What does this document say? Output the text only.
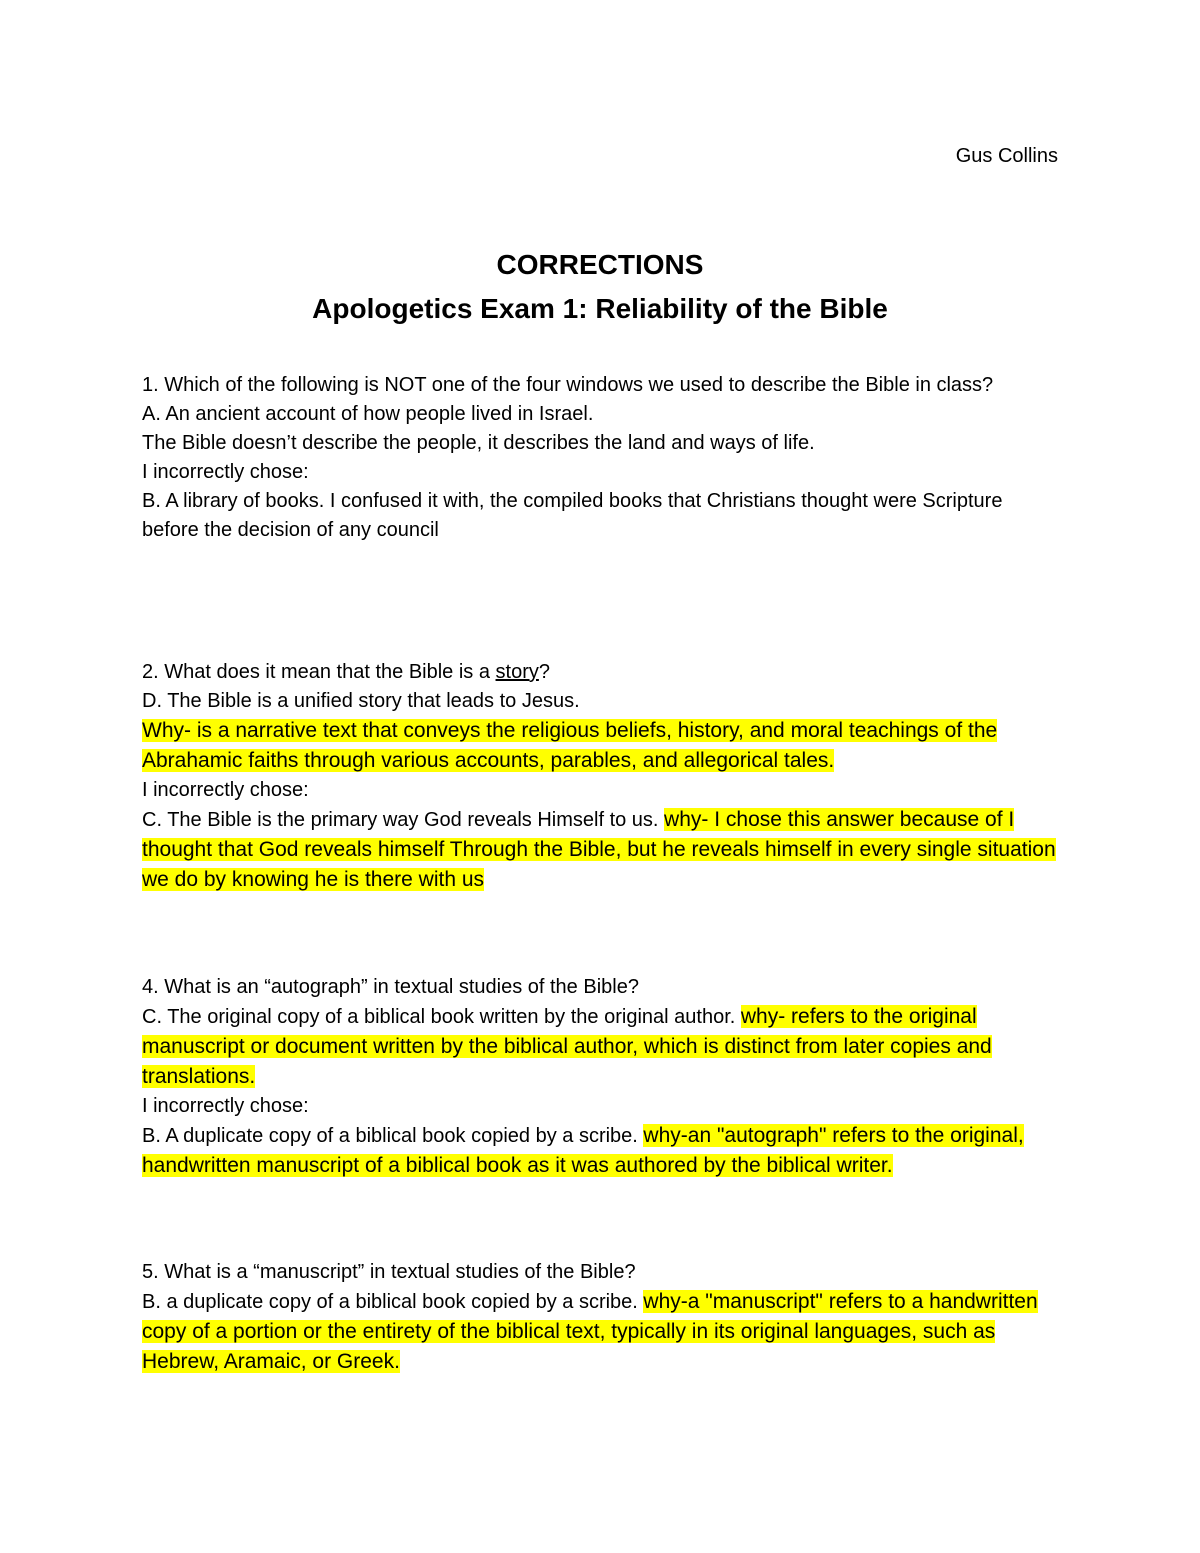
Gus Collins
CORRECTIONS
Apologetics Exam 1: Reliability of the Bible

1. Which of the following is NOT one of the four windows we used to describe the Bible in class?

A. An ancient account of how people lived in Israel.

The Bible doesn’t describe the people, it describes the land and ways of life.

I incorrectly chose:

B. A library of books. I confused it with, the compiled books that Christians thought were Scripture before the decision of any council

2. What does it mean that the Bible is a story?

D. The Bible is a unified story that leads to Jesus.

Why- is a narrative text that conveys the religious beliefs, history, and moral teachings of the Abrahamic faiths through various accounts, parables, and allegorical tales.

I incorrectly chose:

C. The Bible is the primary way God reveals Himself to us. why- I chose this answer because of I thought that God reveals himself Through the Bible, but he reveals himself in every single situation we do by knowing he is there with us

4. What is an “autograph” in textual studies of the Bible?

C. The original copy of a biblical book written by the original author. why- refers to the original manuscript or document written by the biblical author, which is distinct from later copies and translations.

I incorrectly chose:

B. A duplicate copy of a biblical book copied by a scribe. why-an "autograph" refers to the original, handwritten manuscript of a biblical book as it was authored by the biblical writer.

5. What is a “manuscript” in textual studies of the Bible?

B. a duplicate copy of a biblical book copied by a scribe. why-a "manuscript" refers to a handwritten copy of a portion or the entirety of the biblical text, typically in its original languages, such as Hebrew, Aramaic, or Greek.
